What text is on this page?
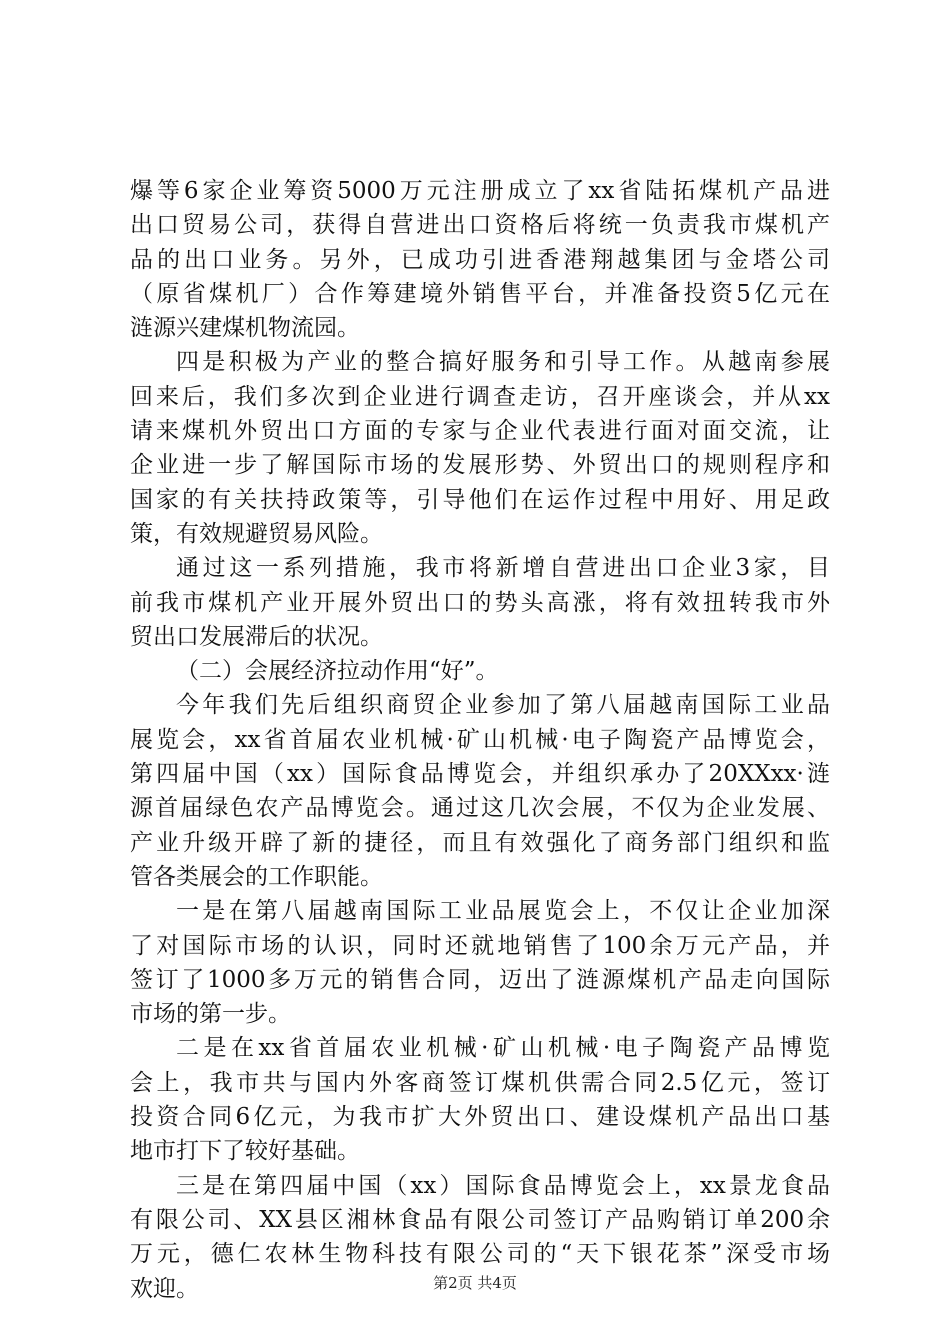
爆等6家企业筹资5000万元注册成立了xx省陆拓煤机产品进
出口贸易公司，获得自营进出口资格后将统一负责我市煤机产
品的出口业务。另外，已成功引进香港翔越集团与金塔公司
（原省煤机厂）合作筹建境外销售平台，并准备投资5亿元在
涟源兴建煤机物流园。
四是积极为产业的整合搞好服务和引导工作。从越南参展
回来后，我们多次到企业进行调查走访，召开座谈会，并从xx
请来煤机外贸出口方面的专家与企业代表进行面对面交流，让
企业进一步了解国际市场的发展形势、外贸出口的规则程序和
国家的有关扶持政策等，引导他们在运作过程中用好、用足政
策，有效规避贸易风险。
通过这一系列措施，我市将新增自营进出口企业3家，目
前我市煤机产业开展外贸出口的势头高涨，将有效扭转我市外
贸出口发展滞后的状况。
（二）会展经济拉动作用“好”。
今年我们先后组织商贸企业参加了第八届越南国际工业品
展览会，xx省首届农业机械·矿山机械·电子陶瓷产品博览会，
第四届中国（xx）国际食品博览会，并组织承办了20XXxx·涟
源首届绿色农产品博览会。通过这几次会展，不仅为企业发展、
产业升级开辟了新的捷径，而且有效强化了商务部门组织和监
管各类展会的工作职能。
一是在第八届越南国际工业品展览会上，不仅让企业加深
了对国际市场的认识，同时还就地销售了100余万元产品，并
签订了1000多万元的销售合同，迈出了涟源煤机产品走向国际
市场的第一步。
二是在xx省首届农业机械·矿山机械·电子陶瓷产品博览
会上，我市共与国内外客商签订煤机供需合同2.5亿元，签订
投资合同6亿元，为我市扩大外贸出口、建设煤机产品出口基
地市打下了较好基础。
三是在第四届中国（xx）国际食品博览会上，xx景龙食品
有限公司、XX县区湘林食品有限公司签订产品购销订单200余
万元，德仁农林生物科技有限公司的“天下银花茶”深受市场
欢迎。	第2页 共4页
